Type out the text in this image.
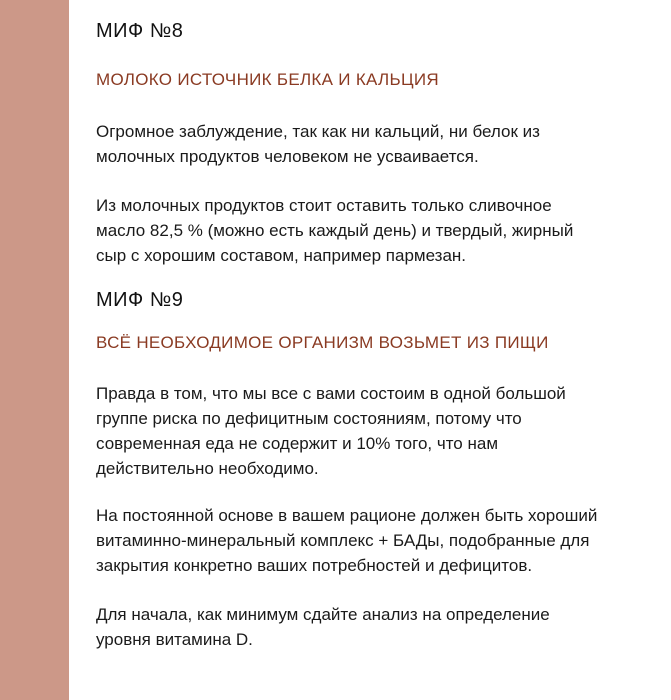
МИФ №8
МОЛОКО ИСТОЧНИК БЕЛКА И КАЛЬЦИЯ
Огромное заблуждение, так как ни кальций, ни белок из
молочных продуктов человеком не усваивается.
Из молочных продуктов стоит оставить только сливочное
масло 82,5 % (можно есть каждый день) и твердый, жирный
сыр с хорошим составом, например пармезан.
МИФ №9
ВСЁ НЕОБХОДИМОЕ ОРГАНИЗМ ВОЗЬМЕТ ИЗ ПИЩИ
Правда в том, что мы все с вами состоим в одной большой
группе риска по дефицитным состояниям, потому что
современная еда не содержит и 10% того, что нам
действительно необходимо.
На постоянной основе в вашем рационе должен быть хороший
витаминно-минеральный комплекс + БАДы, подобранные для
закрытия конкретно ваших потребностей и дефицитов.
Для начала, как минимум сдайте анализ на определение
уровня витамина D.
